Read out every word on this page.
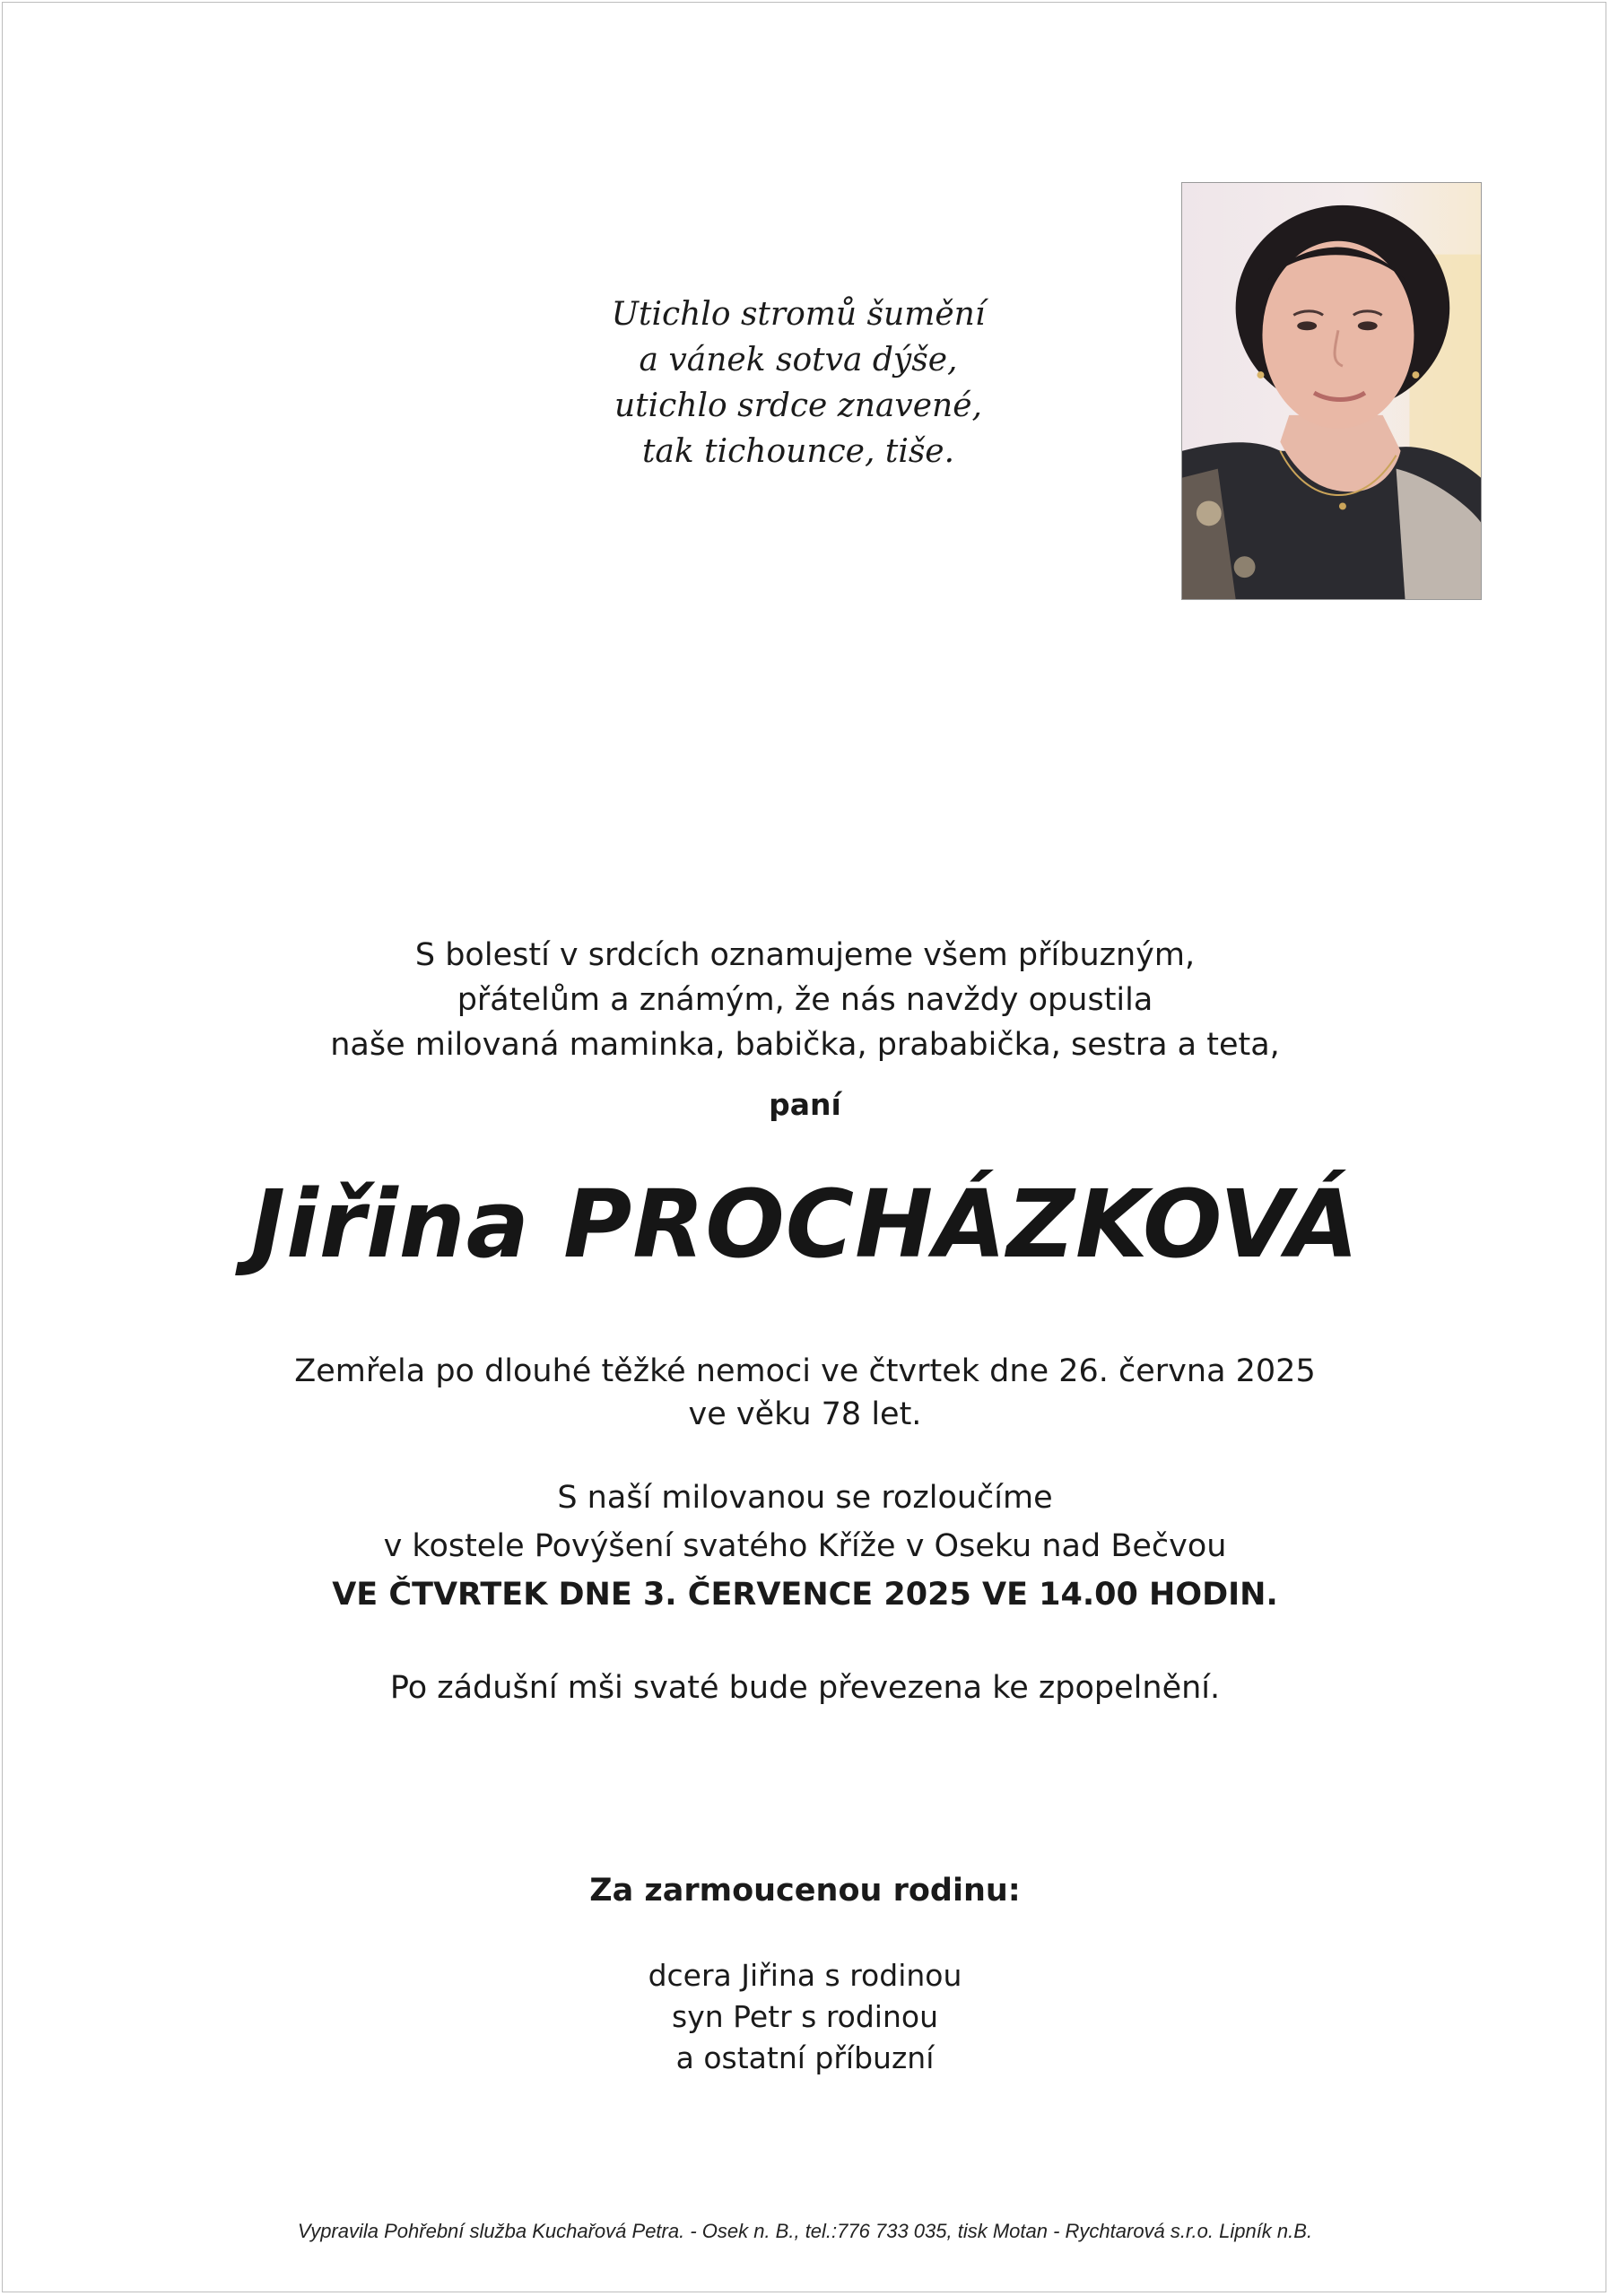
Utichlo stromů šumění
a vánek sotva dýše,
utichlo srdce znavené,
tak tichounce, tiše.
S bolestí v srdcích oznamujeme všem příbuzným,
přátelům a známým, že nás navždy opustila
naše milovaná maminka, babička, prababička, sestra a teta,
paní
Jiřina PROCHÁZKOVÁ
Zemřela po dlouhé těžké nemoci ve čtvrtek dne 26. června 2025
ve věku 78 let.
S naší milovanou se rozloučíme
v kostele Povýšení svatého Kříže v Oseku nad Bečvou
VE ČTVRTEK DNE 3. ČERVENCE 2025 VE 14.00 HODIN.
Po zádušní mši svaté bude převezena ke zpopelnění.
Za zarmoucenou rodinu:
dcera Jiřina s rodinou
syn Petr s rodinou
a ostatní příbuzní
Vypravila Pohřební služba Kuchařová Petra. - Osek n. B., tel.:776 733 035, tisk Motan - Rychtarová s.r.o. Lipník n.B.
